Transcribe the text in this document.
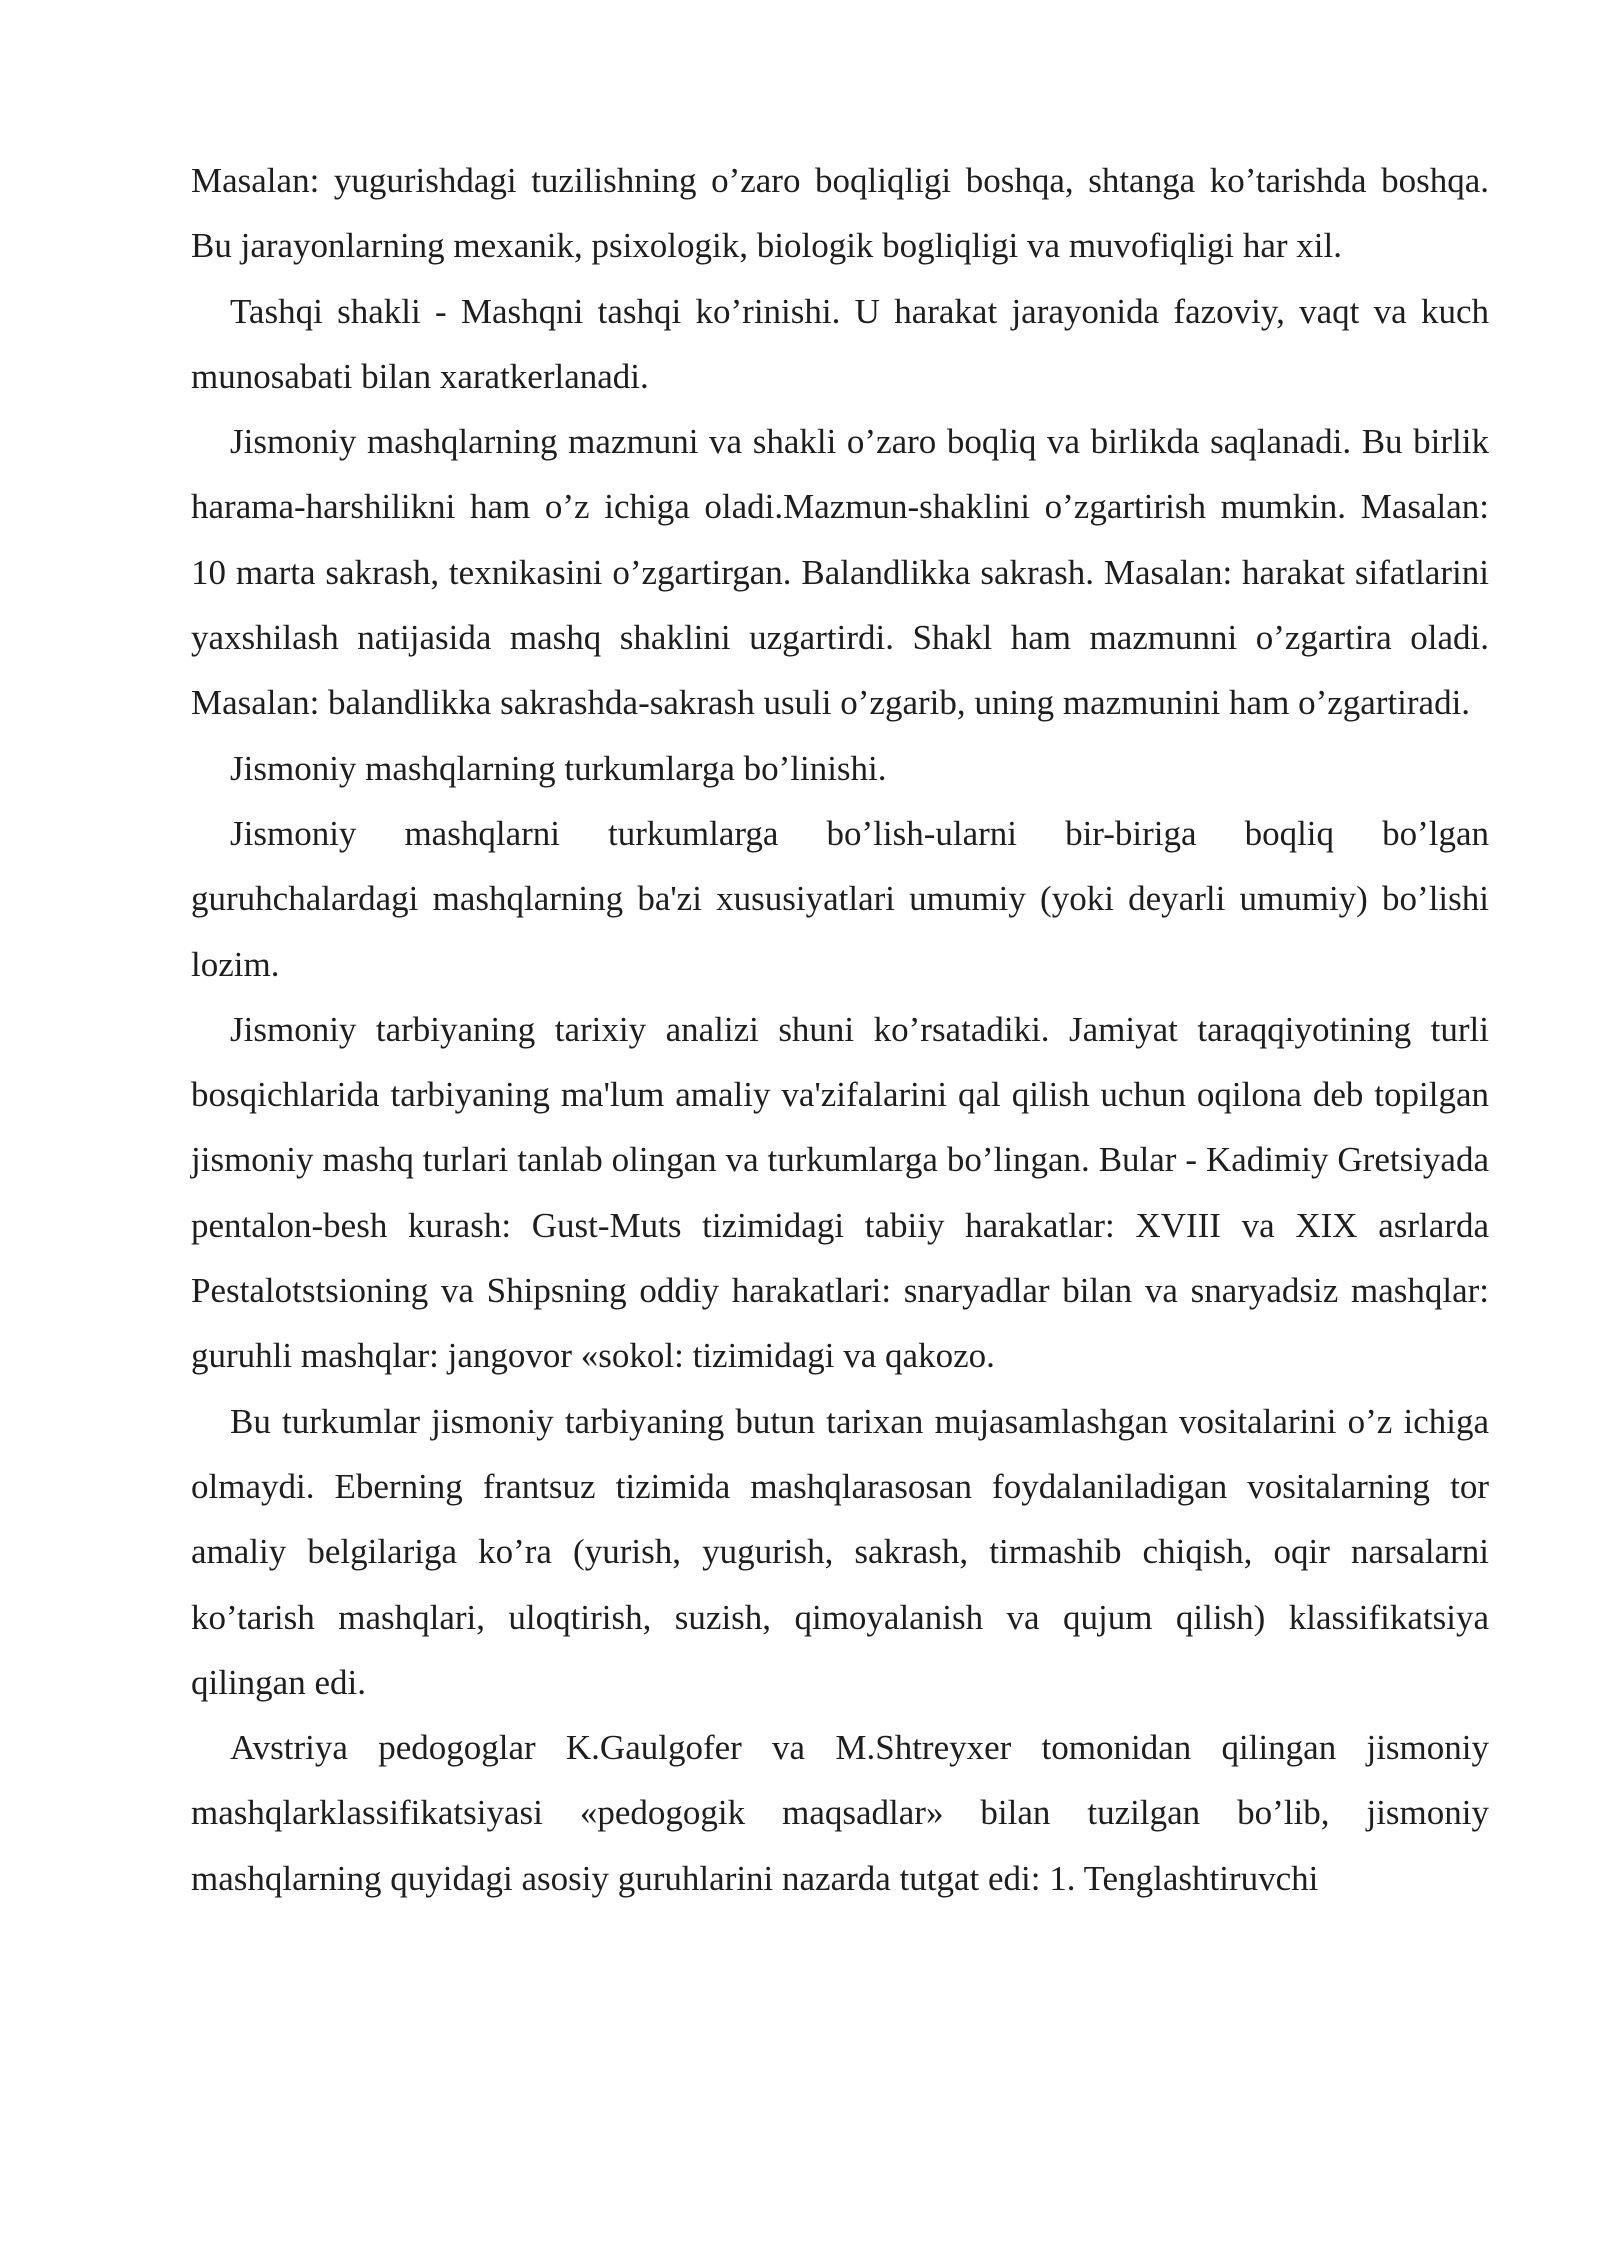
Masalan: yugurishdagi tuzilishning o’zaro boqliqligi boshqa, shtanga ko’tarishda boshqa. Bu jarayonlarning mexanik, psixologik, biologik bogliqligi va muvofiqligi har xil.

Tashqi shakli - Mashqni tashqi ko’rinishi. U harakat jarayonida fazoviy, vaqt va kuch munosabati bilan xaratkerlanadi.

Jismoniy mashqlarning mazmuni va shakli o’zaro boqliq va birlikda saqlanadi. Bu birlik harama-harshilikni ham o’z ichiga oladi.Mazmun-shaklini o’zgartirish mumkin. Masalan: 10 marta sakrash, texnikasini o’zgartirgan. Balandlikka sakrash. Masalan: harakat sifatlarini yaxshilash natijasida mashq shaklini uzgartirdi. Shakl ham mazmunni o’zgartira oladi. Masalan: balandlikka sakrashda-sakrash usuli o’zgarib, uning mazmunini ham o’zgartiradi.

Jismoniy mashqlarning turkumlarga bo’linishi.

Jismoniy mashqlarni turkumlarga bo’lish-ularni bir-biriga boqliq bo’lgan guruhchalardagi mashqlarning ba'zi xususiyatlari umumiy (yoki deyarli umumiy) bo’lishi lozim.

Jismoniy tarbiyaning tarixiy analizi shuni ko’rsatadiki. Jamiyat taraqqiyotining turli bosqichlarida tarbiyaning ma'lum amaliy va'zifalarini qal qilish uchun oqilona deb topilgan jismoniy mashq turlari tanlab olingan va turkumlarga bo’lingan. Bular - Kadimiy Gretsiyada pentalon-besh kurash: Gust-Muts tizimidagi tabiiy harakatlar: XVIII va XIX asrlarda Pestalotstsioning va Shipsning oddiy harakatlari: snaryadlar bilan va snaryadsiz mashqlar: guruhli mashqlar: jangovor «sokol: tizimidagi va qakozo.

Bu turkumlar jismoniy tarbiyaning butun tarixan mujasamlashgan vositalarini o’z ichiga olmaydi. Eberning frantsuz tizimida mashqlarasosan foydalaniladigan vositalarning tor amaliy belgilariga ko’ra (yurish, yugurish, sakrash, tirmashib chiqish, oqir narsalarni ko’tarish mashqlari, uloqtirish, suzish, qimoyalanish va qujum qilish) klassifikatsiya qilingan edi.

Avstriya pedogoglar K.Gaulgofer va M.Shtreyxer tomonidan qilingan jismoniy mashqlarklassifikatsiyasi «pedogogik maqsadlar» bilan tuzilgan bo’lib, jismoniy mashqlarning quyidagi asosiy guruhlarini nazarda tutgat edi: 1. Tenglashtiruvchi
